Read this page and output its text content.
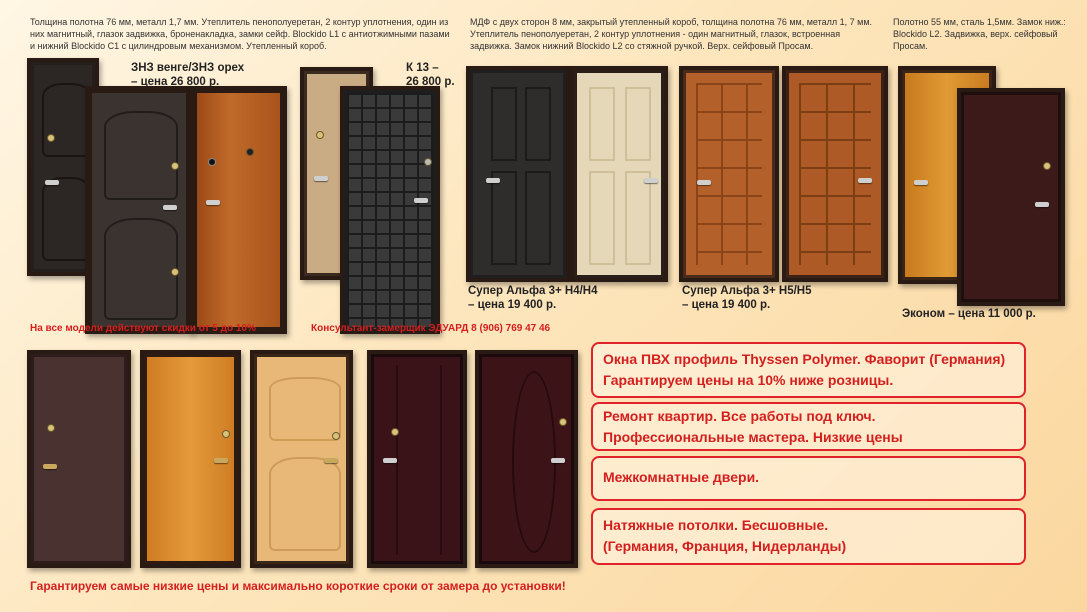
Толщина полотна 76 мм, металл 1,7 мм. Утеплитель пенополуеретан, 2 контур уплотнения, один из них магнитный, глазок задвижка, броненакладка, замки сейф. Blockido L1 с антиотжимными пазами и нижний Blockido C1 с цилиндровым механизмом. Утепленный короб.
МДФ с двух сторон 8 мм, закрытый утепленный короб, толщина полотна 76 мм, металл 1, 7 мм. Утеплитель пенополуеретан, 2 контур уплотнения - один магнитный, глазок, встроенная задвижка. Замок нижний Blockido L2 со стяжной ручкой. Верх. сейфовый Просам.
Полотно 55 мм, сталь 1,5мм. Замок ниж.: Blockido L2. Задвижка, верх. сейфовый Просам.
ЗНЗ венге/ЗНЗ орех
– цена 26 800 р.
К 13 –
26 800 р.
Супер Альфа 3+ Н4/Н4
– цена 19 400 р.
Супер Альфа 3+ Н5/Н5
– цена 19 400 р.
Эконом – цена 11 000 р.
На все модели действуют скидки от 5 до 10%	Консультант-замерщик ЭДУАРД 8 (906) 769 47 46
Окна ПВХ профиль Thyssen Polymer. Фаворит (Германия)
Гарантируем цены на 10% ниже розницы.
Ремонт квартир. Все работы под ключ.
Профессиональные мастера. Низкие цены
Межкомнатные двери.
Натяжные потолки. Бесшовные.
(Германия, Франция, Нидерланды)
Гарантируем самые низкие цены и максимально короткие сроки от замера до установки!
